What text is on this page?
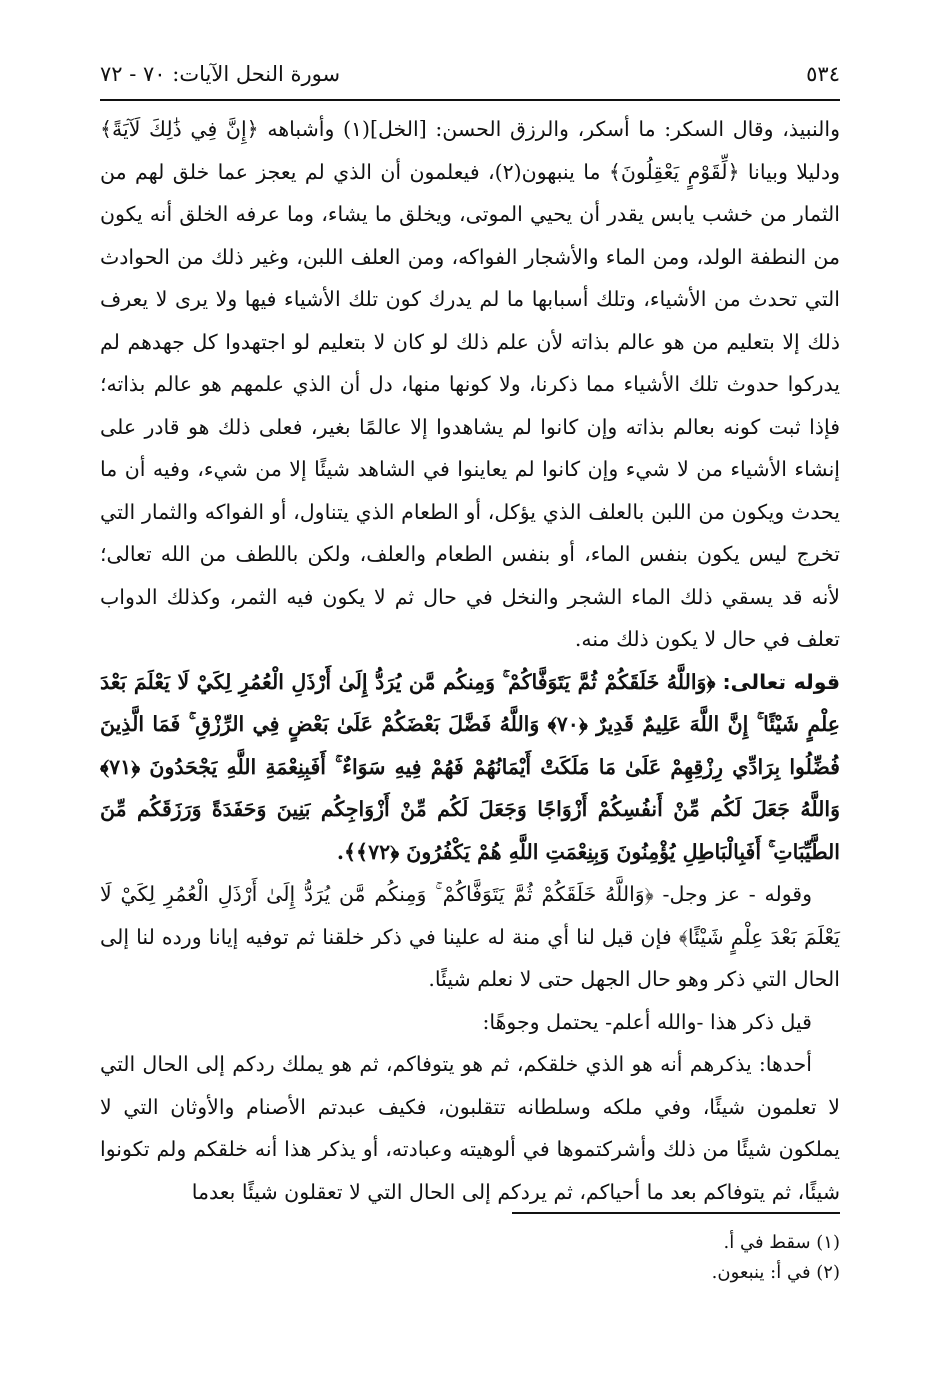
٥٣٤
سورة النحل الآيات: ٧٠ - ٧٢

والنبيذ، وقال السكر: ما أسكر، والرزق الحسن: [الخل](١) وأشباهه ﴿إِنَّ فِي ذَٰلِكَ لَآيَةً﴾ ودليلا وبيانا ﴿لِّقَوْمٍ يَعْقِلُونَ﴾ ما ينبهون(٢)، فيعلمون أن الذي لم يعجز عما خلق لهم من الثمار من خشب يابس يقدر أن يحيي الموتى، ويخلق ما يشاء، وما عرفه الخلق أنه يكون من النطفة الولد، ومن الماء والأشجار الفواكه، ومن العلف اللبن، وغير ذلك من الحوادث التي تحدث من الأشياء، وتلك أسبابها ما لم يدرك كون تلك الأشياء فيها ولا يرى لا يعرف ذلك إلا بتعليم من هو عالم بذاته لأن علم ذلك لو كان لا بتعليم لو اجتهدوا كل جهدهم لم يدركوا حدوث تلك الأشياء مما ذكرنا، ولا كونها منها، دل أن الذي علمهم هو عالم بذاته؛ فإذا ثبت كونه بعالم بذاته وإن كانوا لم يشاهدوا إلا عالمًا بغير، فعلى ذلك هو قادر على إنشاء الأشياء من لا شيء وإن كانوا لم يعاينوا في الشاهد شيئًا إلا من شيء، وفيه أن ما يحدث ويكون من اللبن بالعلف الذي يؤكل، أو الطعام الذي يتناول، أو الفواكه والثمار التي تخرج ليس يكون بنفس الماء، أو بنفس الطعام والعلف، ولكن باللطف من الله تعالى؛ لأنه قد يسقي ذلك الماء الشجر والنخل في حال ثم لا يكون فيه الثمر، وكذلك الدواب تعلف في حال لا يكون ذلك منه.

قوله تعالى: ﴿وَاللَّهُ خَلَقَكُمْ ثُمَّ يَتَوَفَّاكُمْ ۚ وَمِنكُم مَّن يُرَدُّ إِلَىٰ أَرْذَلِ الْعُمُرِ لِكَيْ لَا يَعْلَمَ بَعْدَ عِلْمٍ شَيْئًا ۚ إِنَّ اللَّهَ عَلِيمٌ قَدِيرٌ ﴿٧٠﴾ وَاللَّهُ فَضَّلَ بَعْضَكُمْ عَلَىٰ بَعْضٍ فِي الرِّزْقِ ۚ فَمَا الَّذِينَ فُضِّلُوا بِرَادِّي رِزْقِهِمْ عَلَىٰ مَا مَلَكَتْ أَيْمَانُهُمْ فَهُمْ فِيهِ سَوَاءٌ ۚ أَفَبِنِعْمَةِ اللَّهِ يَجْحَدُونَ ﴿٧١﴾ وَاللَّهُ جَعَلَ لَكُم مِّنْ أَنفُسِكُمْ أَزْوَاجًا وَجَعَلَ لَكُم مِّنْ أَزْوَاجِكُم بَنِينَ وَحَفَدَةً وَرَزَقَكُم مِّنَ الطَّيِّبَاتِ ۚ أَفَبِالْبَاطِلِ يُؤْمِنُونَ وَبِنِعْمَتِ اللَّهِ هُمْ يَكْفُرُونَ ﴿٧٢﴾﴾.

وقوله - عز وجل- ﴿وَاللَّهُ خَلَقَكُمْ ثُمَّ يَتَوَفَّاكُمْ ۚ وَمِنكُم مَّن يُرَدُّ إِلَىٰ أَرْذَلِ الْعُمُرِ لِكَيْ لَا يَعْلَمَ بَعْدَ عِلْمٍ شَيْئًا﴾ فإن قيل لنا أي منة له علينا في ذكر خلقنا ثم توفيه إيانا ورده لنا إلى الحال التي ذكر وهو حال الجهل حتى لا نعلم شيئًا.

قيل ذكر هذا -والله أعلم- يحتمل وجوهًا:

أحدها: يذكرهم أنه هو الذي خلقكم، ثم هو يتوفاكم، ثم هو يملك ردكم إلى الحال التي لا تعلمون شيئًا، وفي ملكه وسلطانه تتقلبون، فكيف عبدتم الأصنام والأوثان التي لا يملكون شيئًا من ذلك وأشركتموها في ألوهيته وعبادته، أو يذكر هذا أنه خلقكم ولم تكونوا شيئًا، ثم يتوفاكم بعد ما أحياكم، ثم يردكم إلى الحال التي لا تعقلون شيئًا بعدما

(١) سقط في أ.
(٢) في أ: ينبعون.
